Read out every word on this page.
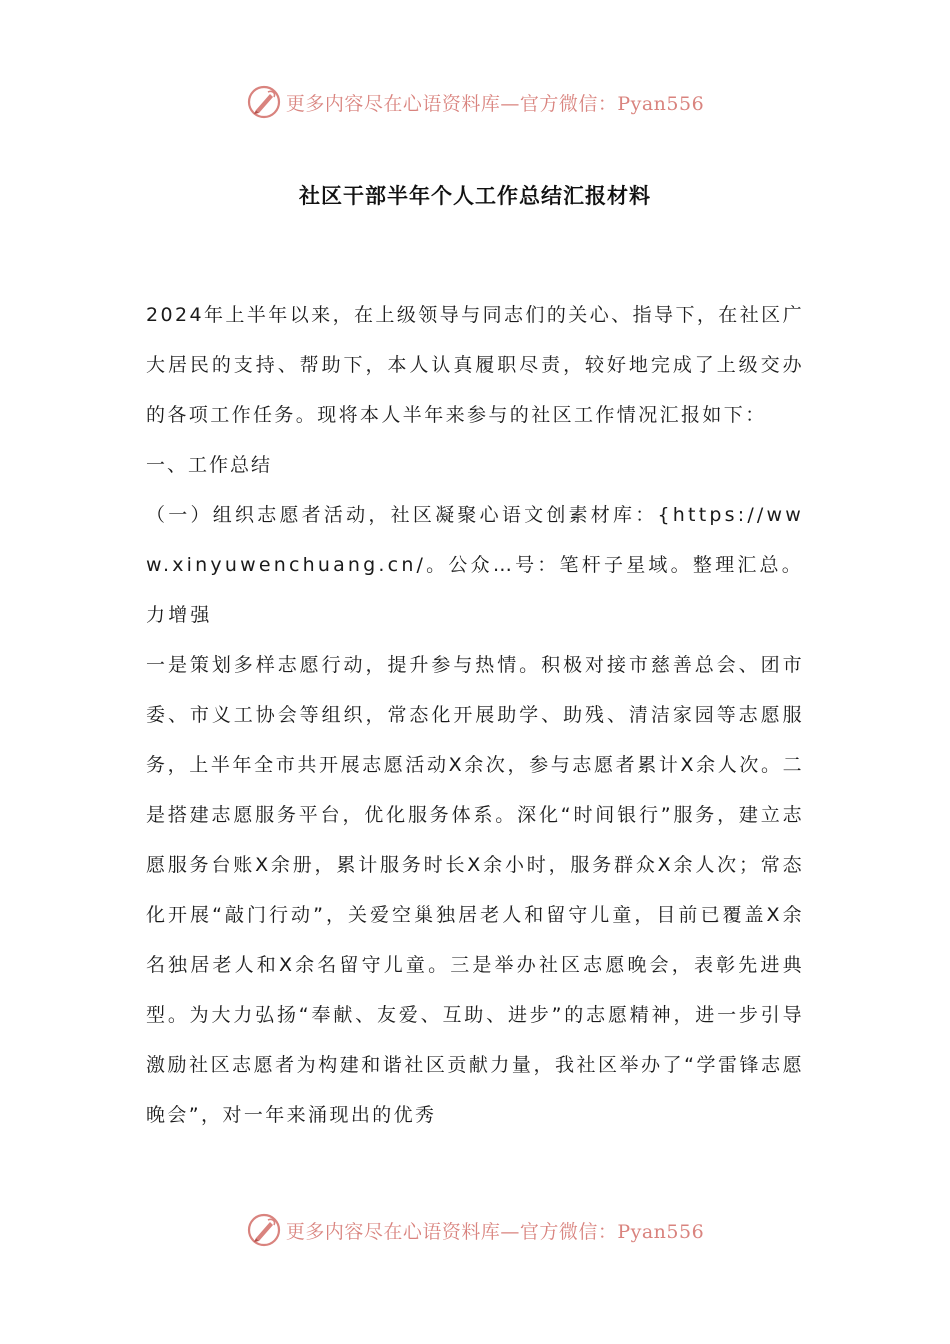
更多内容尽在心语资料库—官方微信：Pyan556
社区干部半年个人工作总结汇报材料

2024年上半年以来，在上级领导与同志们的关心、指导下，在社区广大居民的支持、帮助下，本人认真履职尽责，较好地完成了上级交办的各项工作任务。现将本人半年来参与的社区工作情况汇报如下：

一、工作总结

（一）组织志愿者活动，社区凝聚心语文创素材库：{https://www.xinyuwenchuang.cn/。公众…号：笔杆子星域。整理汇总。力增强

一是策划多样志愿行动，提升参与热情。积极对接市慈善总会、团市委、市义工协会等组织，常态化开展助学、助残、清洁家园等志愿服务，上半年全市共开展志愿活动X余次，参与志愿者累计X余人次。二是搭建志愿服务平台，优化服务体系。深化“时间银行”服务，建立志愿服务台账X余册，累计服务时长X余小时，服务群众X余人次；常态化开展“敲门行动”，关爱空巢独居老人和留守儿童，目前已覆盖X余名独居老人和X余名留守儿童。三是举办社区志愿晚会，表彰先进典型。为大力弘扬“奉献、友爱、互助、进步”的志愿精神，进一步引导激励社区志愿者为构建和谐社区贡献力量，我社区举办了“学雷锋志愿晚会”，对一年来涌现出的优秀

更多内容尽在心语资料库—官方微信：Pyan556
